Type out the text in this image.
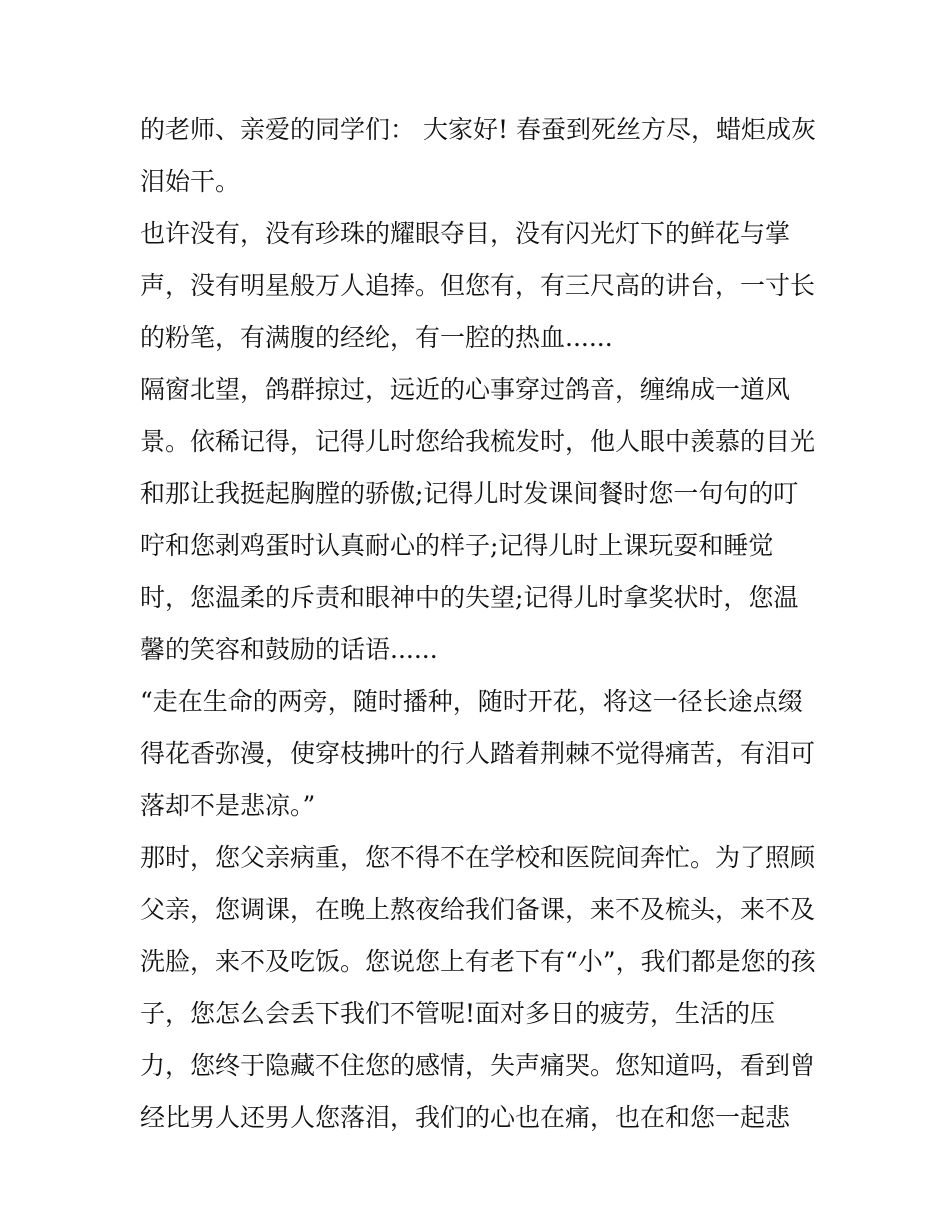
的老师、亲爱的同学们： 大家好! 春蚕到死丝方尽，蜡炬成灰
泪始干。
也许没有，没有珍珠的耀眼夺目，没有闪光灯下的鲜花与掌
声，没有明星般万人追捧。但您有，有三尺高的讲台，一寸长
的粉笔，有满腹的经纶，有一腔的热血......
隔窗北望，鸽群掠过，远近的心事穿过鸽音，缠绵成一道风
景。依稀记得，记得儿时您给我梳发时，他人眼中羡慕的目光
和那让我挺起胸膛的骄傲;记得儿时发课间餐时您一句句的叮
咛和您剥鸡蛋时认真耐心的样子;记得儿时上课玩耍和睡觉
时，您温柔的斥责和眼神中的失望;记得儿时拿奖状时，您温
馨的笑容和鼓励的话语......
“走在生命的两旁，随时播种，随时开花，将这一径长途点缀
得花香弥漫，使穿枝拂叶的行人踏着荆棘不觉得痛苦，有泪可
落却不是悲凉。”
那时，您父亲病重，您不得不在学校和医院间奔忙。为了照顾
父亲，您调课，在晚上熬夜给我们备课，来不及梳头，来不及
洗脸，来不及吃饭。您说您上有老下有“小”，我们都是您的孩
子，您怎么会丢下我们不管呢!面对多日的疲劳，生活的压
力，您终于隐藏不住您的感情，失声痛哭。您知道吗，看到曾
经比男人还男人您落泪，我们的心也在痛，也在和您一起悲
